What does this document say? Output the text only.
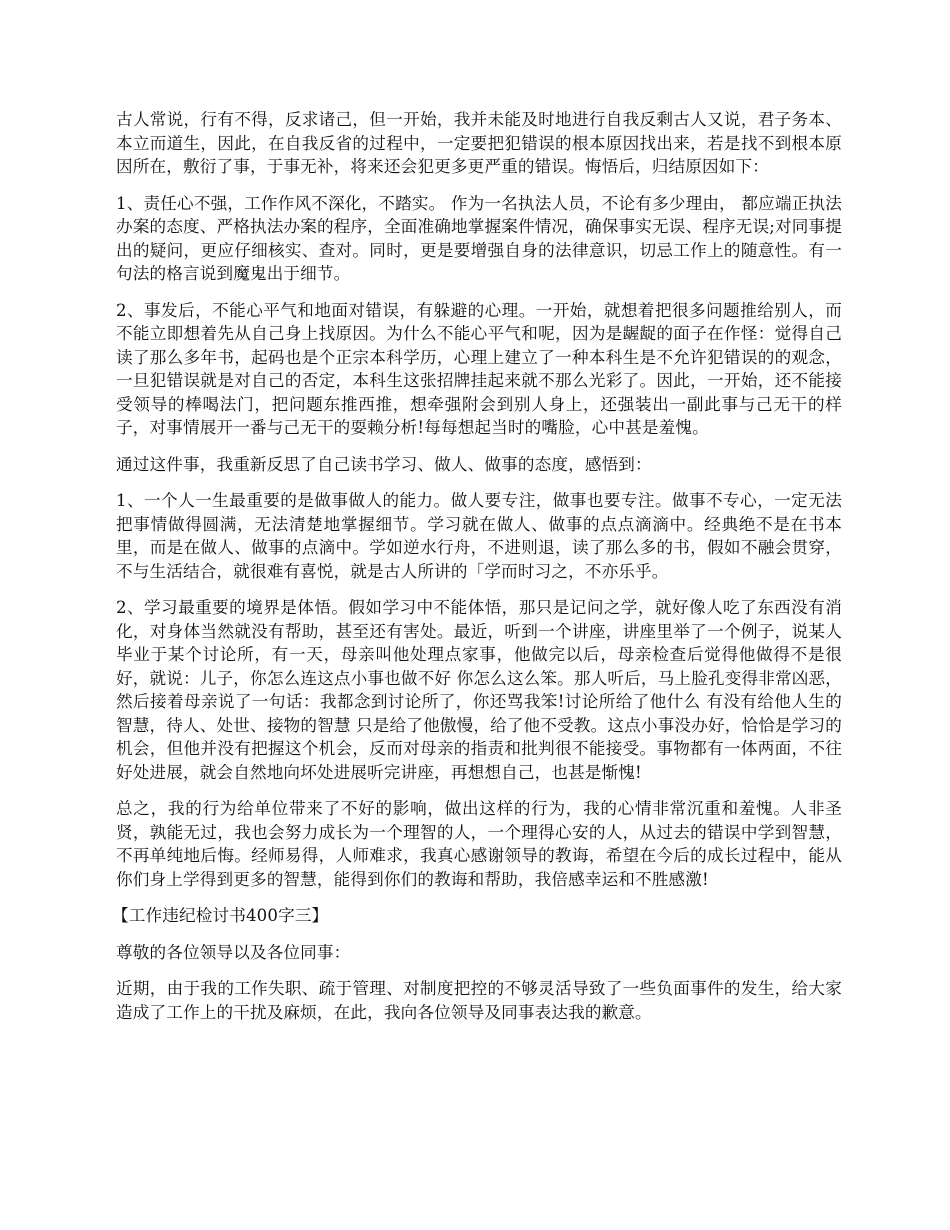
古人常说，行有不得，反求诸己，但一开始，我并未能及时地进行自我反剩古人又说，君子务本、本立而道生，因此，在自我反省的过程中，一定要把犯错误的根本原因找出来，若是找不到根本原因所在，敷衍了事，于事无补，将来还会犯更多更严重的错误。悔悟后，归结原因如下：

1、责任心不强，工作作风不深化，不踏实。 作为一名执法人员，不论有多少理由， 都应端正执法办案的态度、严格执法办案的程序，全面准确地掌握案件情况，确保事实无误、程序无误;对同事提出的疑问，更应仔细核实、查对。同时，更是要增强自身的法律意识，切忌工作上的随意性。有一句法的格言说到魔鬼出于细节。

2、事发后，不能心平气和地面对错误，有躲避的心理。一开始，就想着把很多问题推给别人，而不能立即想着先从自己身上找原因。为什么不能心平气和呢，因为是龌龊的面子在作怪：觉得自己读了那么多年书，起码也是个正宗本科学历，心理上建立了一种本科生是不允许犯错误的的观念，一旦犯错误就是对自己的否定，本科生这张招牌挂起来就不那么光彩了。因此，一开始，还不能接受领导的棒喝法门，把问题东推西推，想牵强附会到别人身上，还强装出一副此事与己无干的样子，对事情展开一番与己无干的耍赖分析!每每想起当时的嘴脸，心中甚是羞愧。

通过这件事，我重新反思了自己读书学习、做人、做事的态度，感悟到：

1、一个人一生最重要的是做事做人的能力。做人要专注，做事也要专注。做事不专心，一定无法把事情做得圆满，无法清楚地掌握细节。学习就在做人、做事的点点滴滴中。经典绝不是在书本里，而是在做人、做事的点滴中。学如逆水行舟，不进则退，读了那么多的书，假如不融会贯穿，不与生活结合，就很难有喜悦，就是古人所讲的「学而时习之，不亦乐乎。

2、学习最重要的境界是体悟。假如学习中不能体悟，那只是记问之学，就好像人吃了东西没有消化，对身体当然就没有帮助，甚至还有害处。最近，听到一个讲座，讲座里举了一个例子，说某人毕业于某个讨论所，有一天，母亲叫他处理点家事，他做完以后，母亲检查后觉得他做得不是很好，就说：儿子，你怎么连这点小事也做不好 你怎么这么笨。那人听后，马上脸孔变得非常凶恶，然后接着母亲说了一句话：我都念到讨论所了，你还骂我笨!讨论所给了他什么 有没有给他人生的智慧，待人、处世、接物的智慧 只是给了他傲慢，给了他不受教。这点小事没办好，恰恰是学习的机会，但他并没有把握这个机会，反而对母亲的指责和批判很不能接受。事物都有一体两面，不往好处进展，就会自然地向坏处进展听完讲座，再想想自己，也甚是惭愧!

总之，我的行为给单位带来了不好的影响，做出这样的行为，我的心情非常沉重和羞愧。人非圣贤，孰能无过，我也会努力成长为一个理智的人，一个理得心安的人，从过去的错误中学到智慧，不再单纯地后悔。经师易得，人师难求，我真心感谢领导的教诲，希望在今后的成长过程中，能从你们身上学得到更多的智慧，能得到你们的教诲和帮助，我倍感幸运和不胜感激!

【工作违纪检讨书400字三】

尊敬的各位领导以及各位同事：

近期，由于我的工作失职、疏于管理、对制度把控的不够灵活导致了一些负面事件的发生，给大家造成了工作上的干扰及麻烦，在此，我向各位领导及同事表达我的歉意。
